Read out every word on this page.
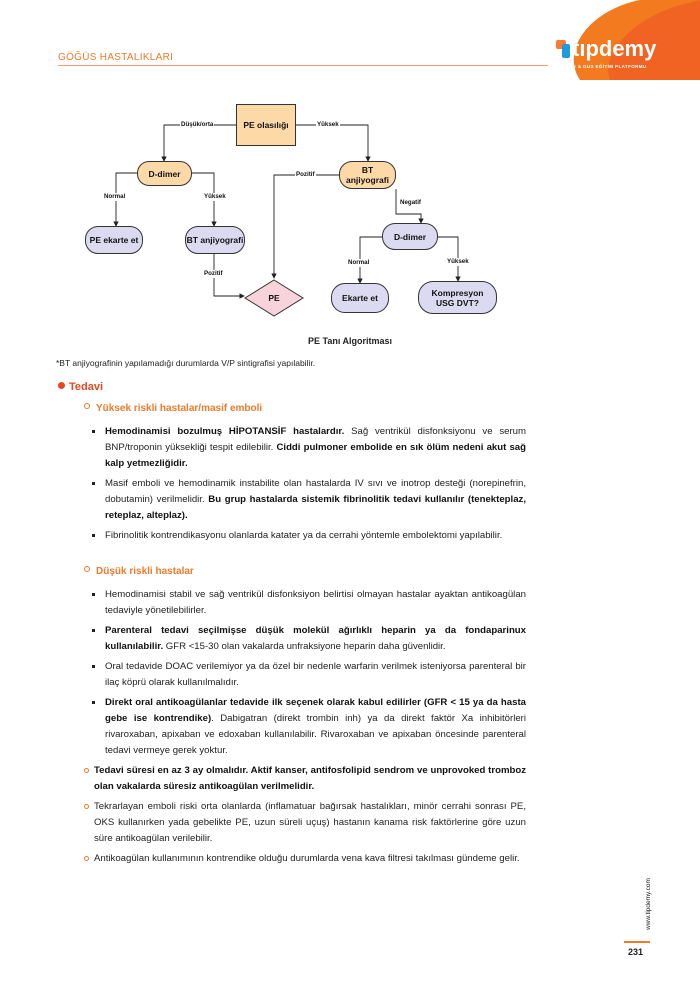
GÖĞÜS HASTALIKLARI	tıpdemy
TUS & DUS EĞİTİM PLATFORMU
PE olasılığı
D-dimer	BT anjiyografi
PE ekarte et	BT anjiyografi
PE
D-dimer
Ekarte et
Kompresyon USG DVT?
Düşük/orta	Yüksek
Normal	Yüksek
Pozitif
Pozitif
Negatif
Normal	Yüksek
PE Tanı Algoritması
*BT anjiyografinin yapılamadığı durumlarda V/P sintigrafisi yapılabilir.
Tedavi
Yüksek riskli hastalar/masif emboli
Hemodinamisi bozulmuş HİPOTANSİF hastalardır. Sağ ventrikül disfonksiyonu ve serum BNP/troponin yüksekliği tespit edilebilir. Ciddi pulmoner embolide en sık ölüm nedeni akut sağ kalp yetmezliğidir.
Masif emboli ve hemodinamik instabilite olan hastalarda IV sıvı ve inotrop desteği (norepinefrin, dobutamin) verilmelidir. Bu grup hastalarda sistemik fibrinolitik tedavi kullanılır (tenekteplaz, reteplaz, alteplaz).
Fibrinolitik kontrendikasyonu olanlarda katater ya da cerrahi yöntemle embolektomi yapılabilir.
Düşük riskli hastalar
Hemodinamisi stabil ve sağ ventrikül disfonksiyon belirtisi olmayan hastalar ayaktan antikoagülan tedaviyle yönetilebilirler.
Parenteral tedavi seçilmişse düşük molekül ağırlıklı heparin ya da fondaparinux kullanılabilir. GFR <15-30 olan vakalarda unfraksiyone heparin daha güvenlidir.
Oral tedavide DOAC verilemiyor ya da özel bir nedenle warfarin verilmek isteniyorsa parenteral bir ilaç köprü olarak kullanılmalıdır.
Direkt oral antikoagülanlar tedavide ilk seçenek olarak kabul edilirler (GFR < 15 ya da hasta gebe ise kontrendike). Dabigatran (direkt trombin inh) ya da direkt faktör Xa inhibitörleri rivaroxaban, apixaban ve edoxaban kullanılabilir. Rivaroxaban ve apixaban öncesinde parenteral tedavi vermeye gerek yoktur.
Tedavi süresi en az 3 ay olmalıdır. Aktif kanser, antifosfolipid sendrom ve unprovoked tromboz olan vakalarda süresiz antikoagülan verilmelidir.
Tekrarlayan emboli riski orta olanlarda (inflamatuar bağırsak hastalıkları, minör cerrahi sonrası PE, OKS kullanırken yada gebelikte PE, uzun süreli uçuş) hastanın kanama risk faktörlerine göre uzun süre antikoagülan verilebilir.
Antikoagülan kullanımının kontrendike olduğu durumlarda vena kava filtresi takılması gündeme gelir.
www.tipdemy.com
231
